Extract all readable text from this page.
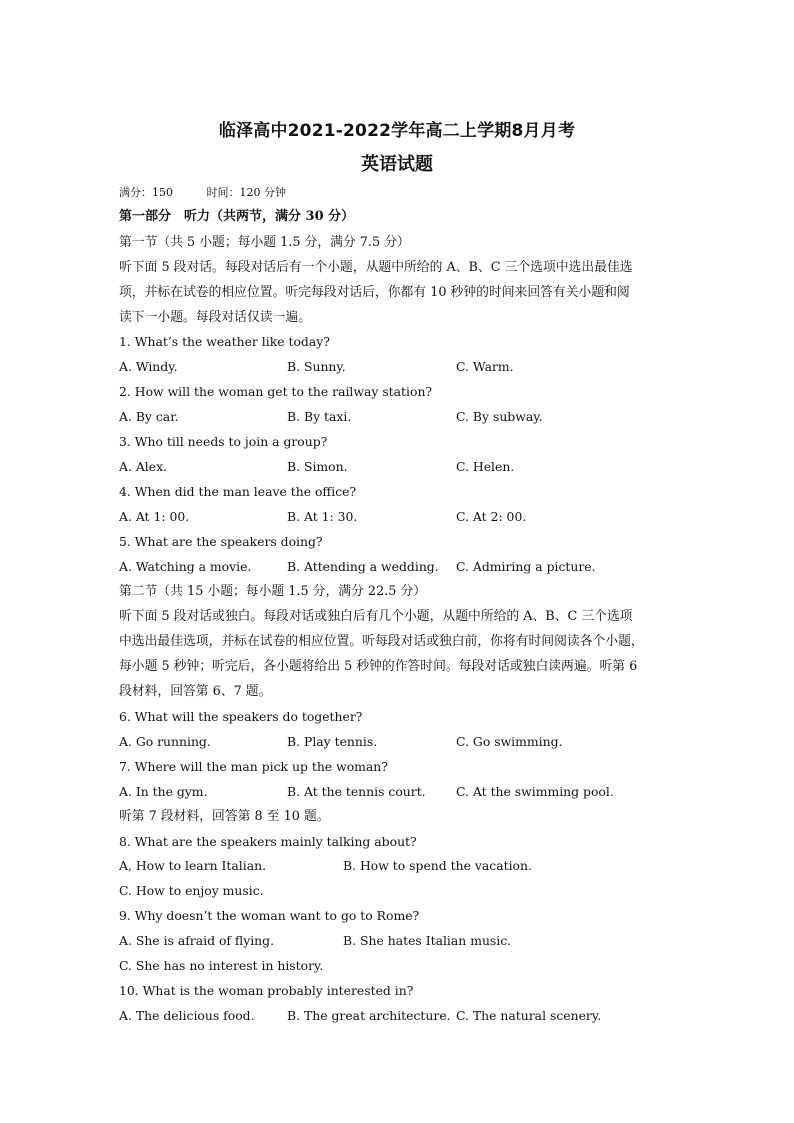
临泽高中2021-2022学年高二上学期8月月考
英语试题
满分：150	时间：120 分钟
第一部分　听力（共两节，满分 30 分）
第一节（共 5 小题；每小题 1.5 分，满分 7.5 分）
听下面 5 段对话。每段对话后有一个小题，从题中所给的 A、B、C 三个选项中选出最佳选
项，并标在试卷的相应位置。听完每段对话后，你都有 10 秒钟的时间来回答有关小题和阅
读下一小题。每段对话仅读一遍。
1. What’s the weather like today?
A. Windy.	B. Sunny.	C. Warm.
2. How will the woman get to the railway station?
A. By car.	B. By taxi.	C. By subway.
3. Who till needs to join a group?
A. Alex.	B. Simon.	C. Helen.
4. When did the man leave the office?
A. At 1: 00.	B. At 1: 30.	C. At 2: 00.
5. What are the speakers doing?
A. Watching a movie.	B. Attending a wedding. C. Admiring a picture.
第二节（共 15 小题；每小题 1.5 分，满分 22.5 分）
听下面 5 段对话或独白。每段对话或独白后有几个小题，从题中所给的 A、B、C 三个选项
中选出最佳选项，并标在试卷的相应位置。听每段对话或独白前，你将有时间阅读各个小题，
每小题 5 秒钟；听完后，各小题将给出 5 秒钟的作答时间。每段对话或独白读两遍。听第 6
段材料，回答第 6、7 题。
6. What will the speakers do together?
A. Go running.	B. Play tennis.	C. Go swimming.
7. Where will the man pick up the woman?
A. In the gym.	B. At the tennis court. C. At the swimming pool.
听第 7 段材料，回答第 8 至 10 题。
8. What are the speakers mainly talking about?
A, How to learn Italian.	B. How to spend the vacation.
C. How to enjoy music.
9. Why doesn’t the woman want to go to Rome?
A. She is afraid of flying.	B. She hates Italian music.
C. She has no interest in history.
10. What is the woman probably interested in?
A. The delicious food.	B. The great architecture. C. The natural scenery.
